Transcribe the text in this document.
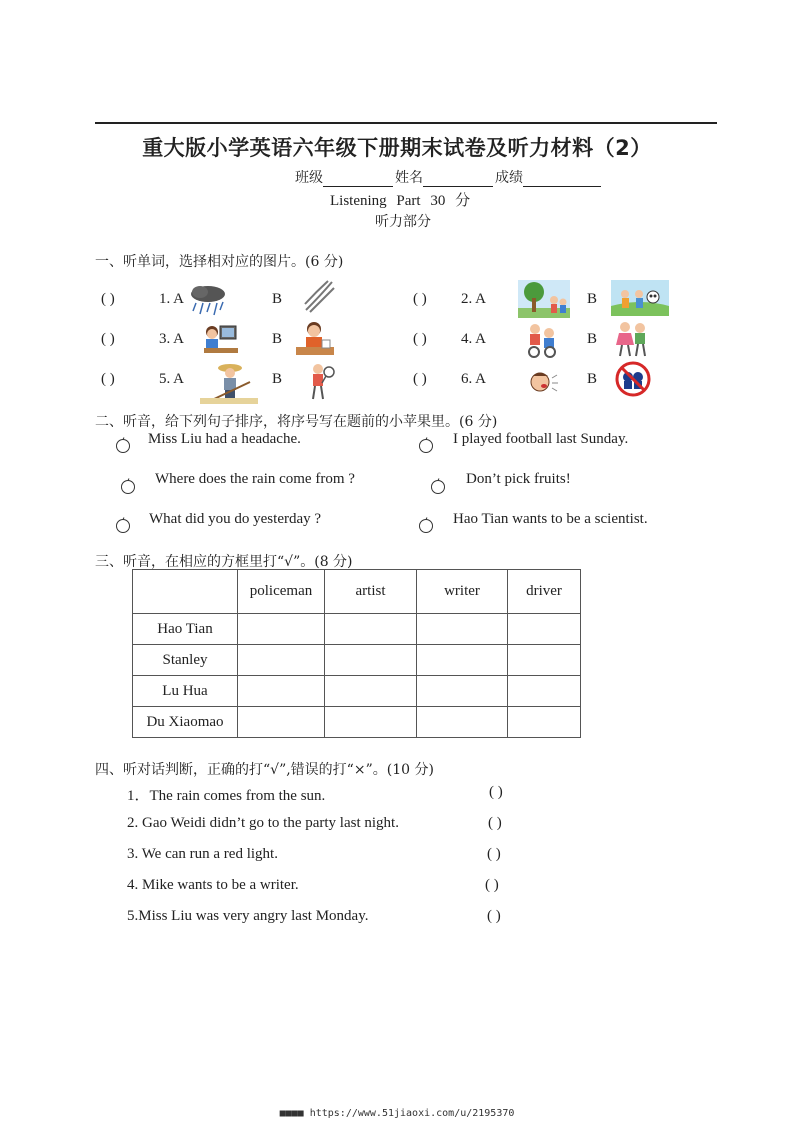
重大版小学英语六年级下册期末试卷及听力材料（2）
班级	姓名	成绩
Listening Part 30 分
听力部分
一、听单词，选择相对应的图片。(6 分)
( )	1. A	B	( ) 2. A	B
( )	3. A	B	( ) 4. A	B
( )	5. A	B	( ) 6. A	B
二、听音，给下列句子排序，将序号写在题前的小苹果里。(6 分)
Miss Liu had a headache.	I played football last Sunday.
Where does the rain come from ?	Don’t pick fruits!
What did you do yesterday ?	Hao Tian wants to be a scientist.
三、听音，在相应的方框里打“√”。(8 分)
	policeman	artist	writer	driver
Hao Tian				
Stanley				
Lu Hua				
Du Xiaomao				
四、听对话判断，正确的打“√”,错误的打“×”。(10 分)
1．The rain comes from the sun.	( )
2. Gao Weidi didn’t go to the party last night.	( )
3. We can run a red light.	( )
4. Mike wants to be a writer.	( )
5.Miss Liu was very angry last Monday.	( )
■■■■ https://www.51jiaoxi.com/u/2195370
